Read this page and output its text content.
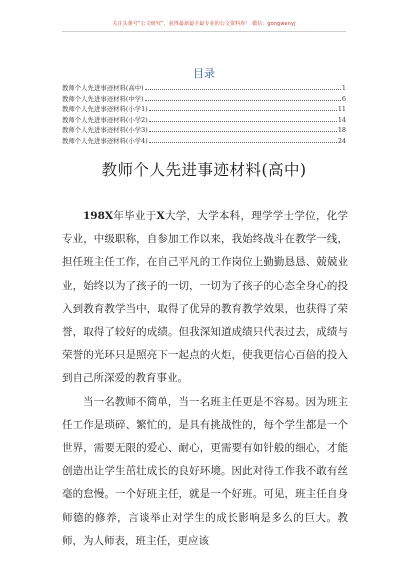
关注头条号“公文研究”，获得最新最全最专业的公文资料库！ 微信：gongwenyj
目录
教师个人先进事迹材料(高中)	1
教师个人先进事迹材料(中学)	6
教师个人先进事迹材料(小学1)	11
教师个人先进事迹材料(小学2)	14
教师个人先进事迹材料(小学3)	18
教师个人先进事迹材料(小学4)	24
教师个人先进事迹材料(高中)

198X年毕业于X大学，大学本科，理学学士学位，化学专业，中级职称，自参加工作以来，我始终战斗在教学一线，担任班主任工作，在自己平凡的工作岗位上勤勤恳恳、兢兢业业，始终以为了孩子的一切，一切为了孩子的心态全身心的投入到教育教学当中，取得了优异的教育教学效果，也获得了荣誉，取得了较好的成绩。但我深知道成绩只代表过去，成绩与荣誉的光环只是照亮下一起点的火炬，使我更信心百倍的投入到自己所深爱的教育事业。

当一名教师不简单，当一名班主任更是不容易。因为班主任工作是琐碎、繁忙的，是具有挑战性的，每个学生都是一个世界，需要无限的爱心、耐心，更需要有如针般的细心，才能创造出让学生茁壮成长的良好环境。因此对待工作我不敢有丝毫的怠慢。一个好班主任，就是一个好班。可见，班主任自身师德的修养，言谈举止对学生的成长影响是多么的巨大。教师，为人师表，班主任，更应该
